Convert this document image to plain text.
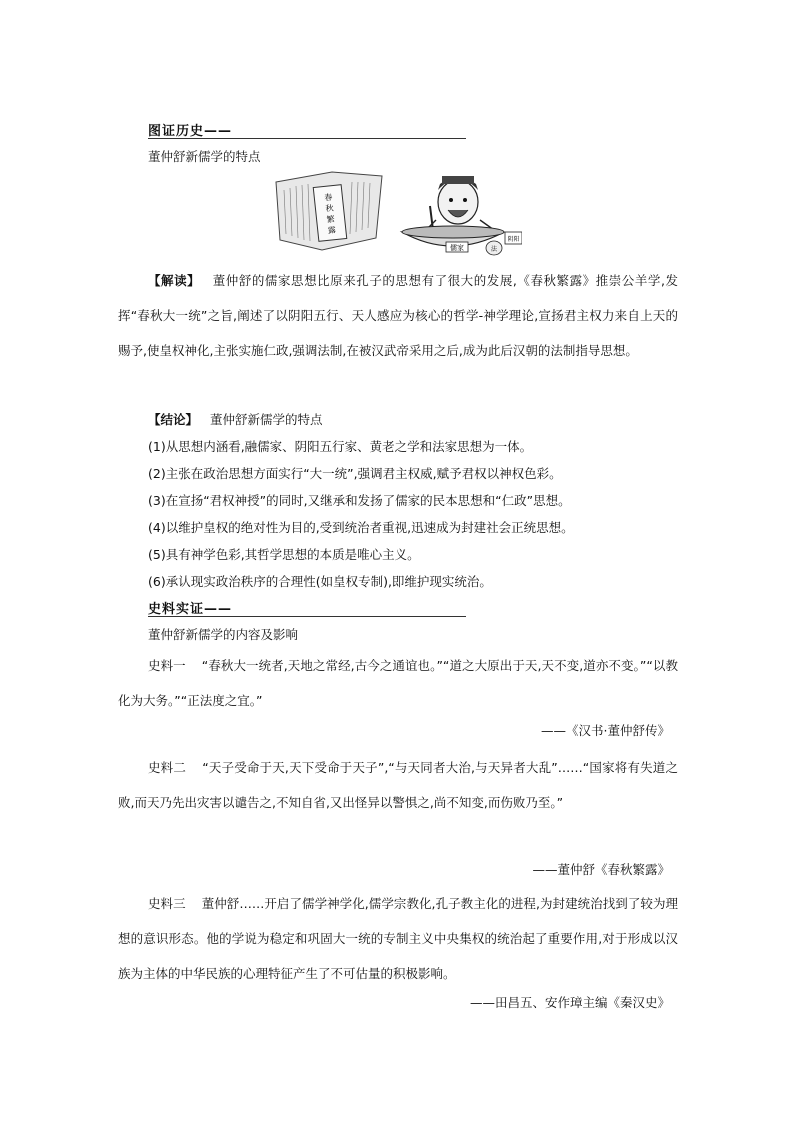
图证历史——
董仲舒新儒学的特点
春
秋
繁
露
儒家
阴阳
法
【解读】 董仲舒的儒家思想比原来孔子的思想有了很大的发展,《春秋繁露》推崇公羊学,发挥“春秋大一统”之旨,阐述了以阴阳五行、天人感应为核心的哲学-神学理论,宣扬君主权力来自上天的赐予,使皇权神化,主张实施仁政,强调法制,在被汉武帝采用之后,成为此后汉朝的法制指导思想。
【结论】 董仲舒新儒学的特点
(1)从思想内涵看,融儒家、阴阳五行家、黄老之学和法家思想为一体。
(2)主张在政治思想方面实行“大一统”,强调君主权威,赋予君权以神权色彩。
(3)在宣扬“君权神授”的同时,又继承和发扬了儒家的民本思想和“仁政”思想。
(4)以维护皇权的绝对性为目的,受到统治者重视,迅速成为封建社会正统思想。
(5)具有神学色彩,其哲学思想的本质是唯心主义。
(6)承认现实政治秩序的合理性(如皇权专制),即维护现实统治。
史料实证——
董仲舒新儒学的内容及影响
史料一 “春秋大一统者,天地之常经,古今之通谊也。”“道之大原出于天,天不变,道亦不变。”“以教化为大务。”“正法度之宜。”
——《汉书·董仲舒传》
史料二 “天子受命于天,天下受命于天子”,“与天同者大治,与天异者大乱”……“国家将有失道之败,而天乃先出灾害以谴告之,不知自省,又出怪异以警惧之,尚不知变,而伤败乃至。”
——董仲舒《春秋繁露》
史料三 董仲舒……开启了儒学神学化,儒学宗教化,孔子教主化的进程,为封建统治找到了较为理想的意识形态。他的学说为稳定和巩固大一统的专制主义中央集权的统治起了重要作用,对于形成以汉族为主体的中华民族的心理特征产生了不可估量的积极影响。
——田昌五、安作璋主编《秦汉史》
